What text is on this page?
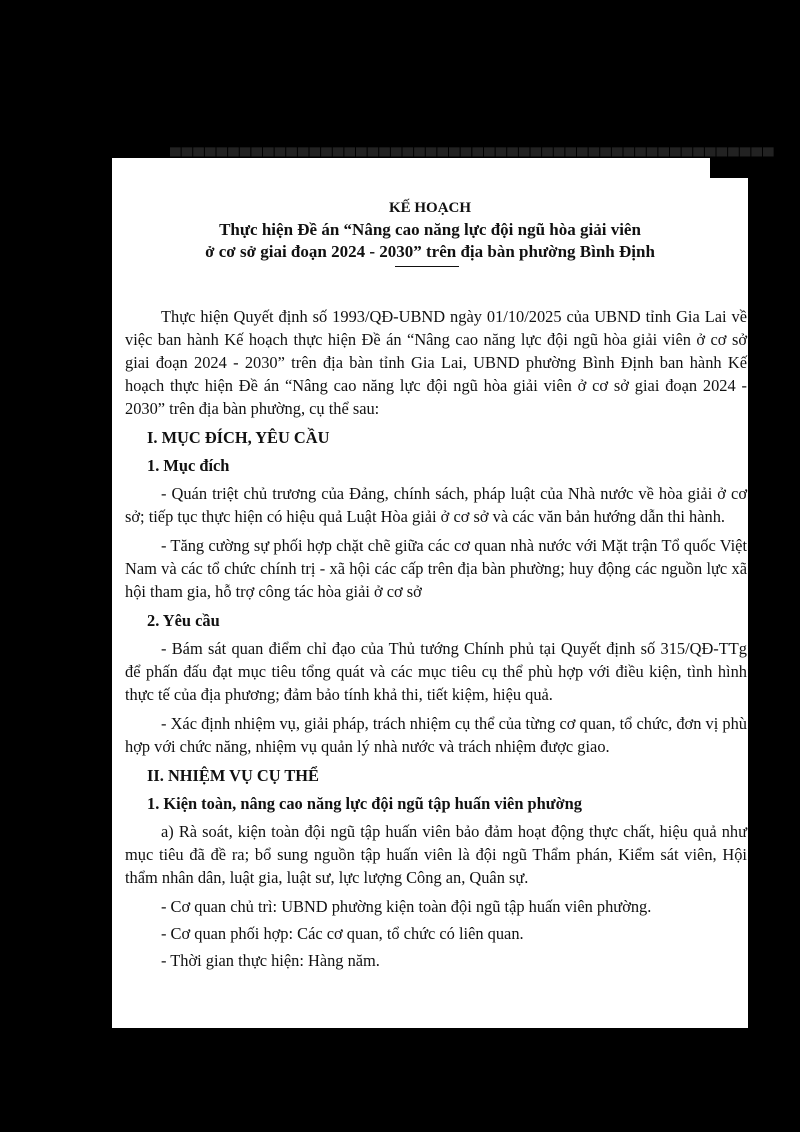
▀▀▀▀▀▀▀▀▀▀▀▀▀▀▀▀▀▀▀▀▀▀▀▀▀▀▀▀▀▀▀▀▀▀▀▀▀▀▀▀▀▀▀▀▀▀▀▀▀▀▀▀
KẾ HOẠCH
Thực hiện Đề án “Nâng cao năng lực đội ngũ hòa giải viên
ở cơ sở giai đoạn 2024 - 2030” trên địa bàn phường Bình Định

Thực hiện Quyết định số 1993/QĐ-UBND ngày 01/10/2025 của UBND tỉnh Gia Lai về việc ban hành Kế hoạch thực hiện Đề án “Nâng cao năng lực đội ngũ hòa giải viên ở cơ sở giai đoạn 2024 - 2030” trên địa bàn tỉnh Gia Lai, UBND phường Bình Định ban hành Kế hoạch thực hiện Đề án “Nâng cao năng lực đội ngũ hòa giải viên ở cơ sở giai đoạn 2024 - 2030” trên địa bàn phường, cụ thể sau:

I. MỤC ĐÍCH, YÊU CẦU
1. Mục đích

- Quán triệt chủ trương của Đảng, chính sách, pháp luật của Nhà nước về hòa giải ở cơ sở; tiếp tục thực hiện có hiệu quả Luật Hòa giải ở cơ sở và các văn bản hướng dẫn thi hành.

- Tăng cường sự phối hợp chặt chẽ giữa các cơ quan nhà nước với Mặt trận Tổ quốc Việt Nam và các tổ chức chính trị - xã hội các cấp trên địa bàn phường; huy động các nguồn lực xã hội tham gia, hỗ trợ công tác hòa giải ở cơ sở

2. Yêu cầu

- Bám sát quan điểm chỉ đạo của Thủ tướng Chính phủ tại Quyết định số 315/QĐ-TTg để phấn đấu đạt mục tiêu tổng quát và các mục tiêu cụ thể phù hợp với điều kiện, tình hình thực tế của địa phương; đảm bảo tính khả thi, tiết kiệm, hiệu quả.

- Xác định nhiệm vụ, giải pháp, trách nhiệm cụ thể của từng cơ quan, tổ chức, đơn vị phù hợp với chức năng, nhiệm vụ quản lý nhà nước và trách nhiệm được giao.

II. NHIỆM VỤ CỤ THỂ
1. Kiện toàn, nâng cao năng lực đội ngũ tập huấn viên phường

a) Rà soát, kiện toàn đội ngũ tập huấn viên bảo đảm hoạt động thực chất, hiệu quả như mục tiêu đã đề ra; bổ sung nguồn tập huấn viên là đội ngũ Thẩm phán, Kiểm sát viên, Hội thẩm nhân dân, luật gia, luật sư, lực lượng Công an, Quân sự.

- Cơ quan chủ trì: UBND phường kiện toàn đội ngũ tập huấn viên phường.

- Cơ quan phối hợp: Các cơ quan, tổ chức có liên quan.

- Thời gian thực hiện: Hàng năm.
